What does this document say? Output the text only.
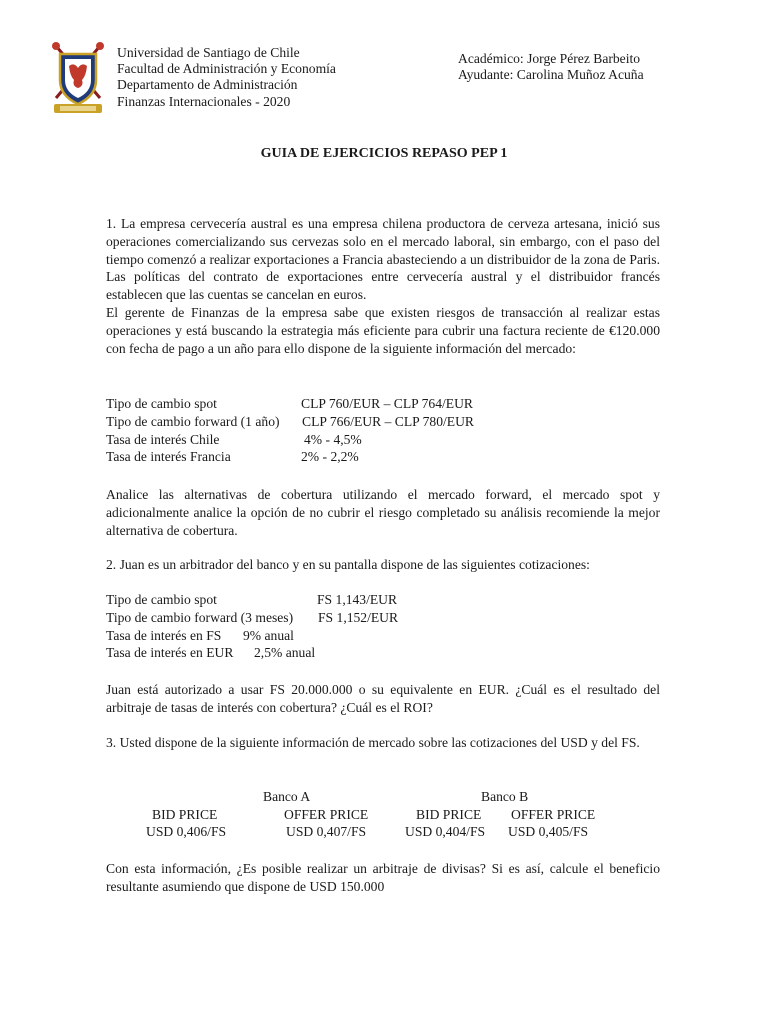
Universidad de Santiago de Chile
Facultad de Administración y Economía
Departamento de Administración
Finanzas Internacionales - 2020
Académico: Jorge Pérez Barbeito
Ayudante: Carolina Muñoz Acuña
GUIA DE EJERCICIOS REPASO PEP 1

1. La empresa cervecería austral es una empresa chilena productora de cerveza artesana, inició sus operaciones comercializando sus cervezas solo en el mercado laboral, sin embargo, con el paso del tiempo comenzó a realizar exportaciones a Francia abasteciendo a un distribuidor de la zona de Paris. Las políticas del contrato de exportaciones entre cervecería austral y el distribuidor francés establecen que las cuentas se cancelan en euros.

El gerente de Finanzas de la empresa sabe que existen riesgos de transacción al realizar estas operaciones y está buscando la estrategia más eficiente para cubrir una factura reciente de €120.000 con fecha de pago a un año para ello dispone de la siguiente información del mercado:

Tipo de cambio spot	CLP 760/EUR – CLP 764/EUR
Tipo de cambio forward (1 año) CLP 766/EUR – CLP 780/EUR
Tasa de interés Chile	4% - 4,5%
Tasa de interés Francia	2% - 2,2%
Analice las alternativas de cobertura utilizando el mercado forward, el mercado spot y adicionalmente analice la opción de no cubrir el riesgo completado su análisis recomiende la mejor alternativa de cobertura.
2. Juan es un arbitrador del banco y en su pantalla dispone de las siguientes cotizaciones:
Tipo de cambio spot	FS 1,143/EUR
Tipo de cambio forward (3 meses) FS 1,152/EUR
Tasa de interés en FS 9% anual
Tasa de interés en EUR 2,5% anual
Juan está autorizado a usar FS 20.000.000 o su equivalente en EUR. ¿Cuál es el resultado del arbitraje de tasas de interés con cobertura? ¿Cuál es el ROI?
3. Usted dispone de la siguiente información de mercado sobre las cotizaciones del USD y del FS.
Banco A	Banco B
BID PRICE	OFFER PRICE	BID PRICE OFFER PRICE
USD 0,406/FS	USD 0,407/FS	USD 0,404/FS USD 0,405/FS
Con esta información, ¿Es posible realizar un arbitraje de divisas? Si es así, calcule el beneficio resultante asumiendo que dispone de USD 150.000
